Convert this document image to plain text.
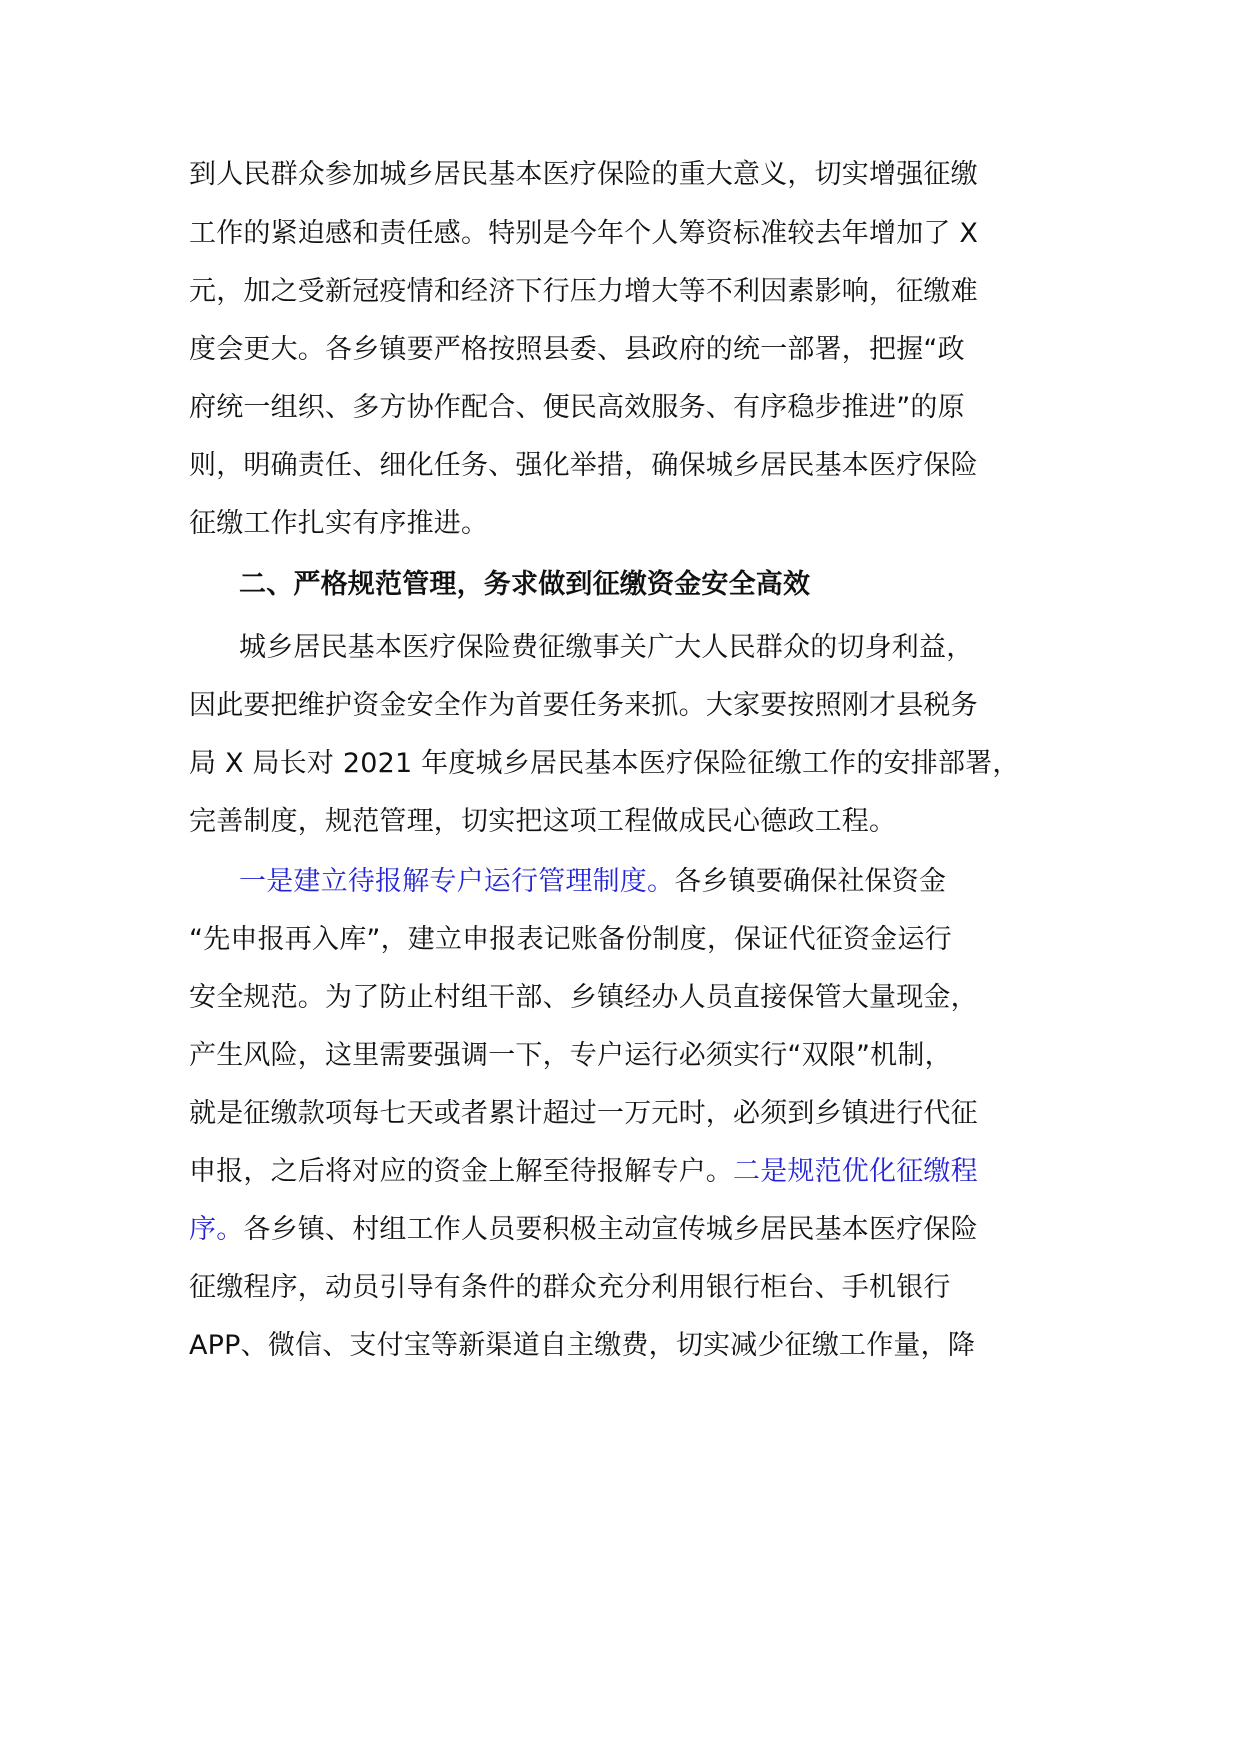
到人民群众参加城乡居民基本医疗保险的重大意义，切实增强征缴
工作的紧迫感和责任感。特别是今年个人筹资标准较去年增加了 X
元，加之受新冠疫情和经济下行压力增大等不利因素影响，征缴难
度会更大。各乡镇要严格按照县委、县政府的统一部署，把握“政
府统一组织、多方协作配合、便民高效服务、有序稳步推进”的原
则，明确责任、细化任务、强化举措，确保城乡居民基本医疗保险
征缴工作扎实有序推进。
二、严格规范管理，务求做到征缴资金安全高效
城乡居民基本医疗保险费征缴事关广大人民群众的切身利益，
因此要把维护资金安全作为首要任务来抓。大家要按照刚才县税务
局 X 局长对 2021 年度城乡居民基本医疗保险征缴工作的安排部署，
完善制度，规范管理，切实把这项工程做成民心德政工程。
一是建立待报解专户运行管理制度。各乡镇要确保社保资金
“先申报再入库”，建立申报表记账备份制度，保证代征资金运行
安全规范。为了防止村组干部、乡镇经办人员直接保管大量现金，
产生风险，这里需要强调一下，专户运行必须实行“双限”机制，
就是征缴款项每七天或者累计超过一万元时，必须到乡镇进行代征
申报，之后将对应的资金上解至待报解专户。二是规范优化征缴程
序。各乡镇、村组工作人员要积极主动宣传城乡居民基本医疗保险
征缴程序，动员引导有条件的群众充分利用银行柜台、手机银行
APP、微信、支付宝等新渠道自主缴费，切实减少征缴工作量，降
